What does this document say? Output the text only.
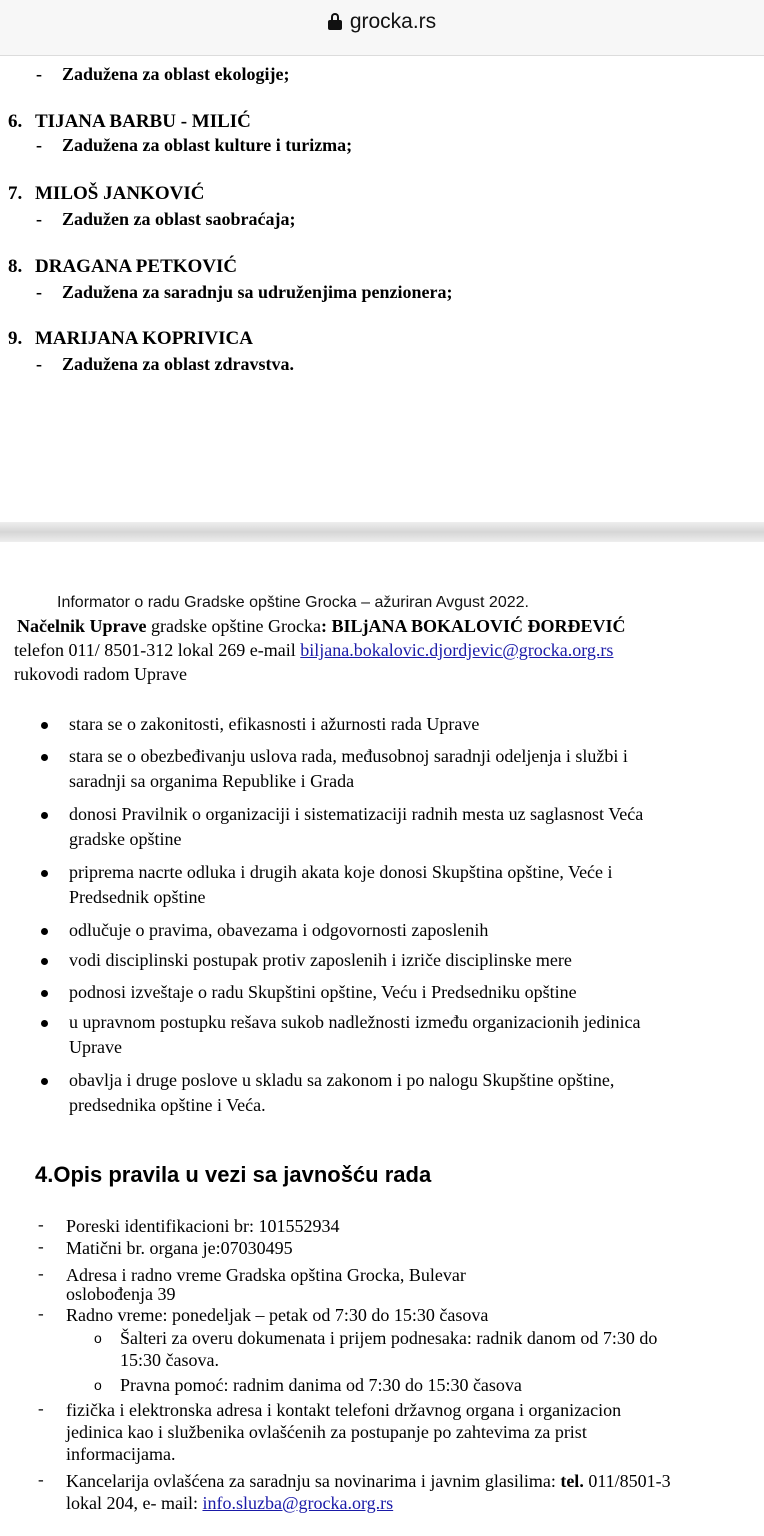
grocka.rs
- Zadužena za oblast ekologije;
6. TIJANA BARBU - MILIĆ
- Zadužena za oblast kulture i turizma;
7. MILOŠ JANKOVIĆ
- Zadužen za oblast saobraćaja;
8. DRAGANA PETKOVIĆ
- Zadužena za saradnju sa udruženjima penzionera;
9. MARIJANA KOPRIVICA
- Zadužena za oblast zdravstva.
Informator o radu Gradske opštine Grocka – ažuriran Avgust 2022.
Načelnik Uprave gradske opštine Grocka: BILjANA BOKALOVIĆ ĐORĐEVIĆ
telefon 011/ 8501-312 lokal 269 e-mail biljana.bokalovic.djordjevic@grocka.org.rs
rukovodi radom Uprave
stara se o zakonitosti, efikasnosti i ažurnosti rada Uprave
stara se o obezbeđivanju uslova rada, međusobnoj saradnji odeljenja i službi i
saradnji sa organima Republike i Grada
donosi Pravilnik o organizaciji i sistematizaciji radnih mesta uz saglasnost Veća
gradske opštine
priprema nacrte odluka i drugih akata koje donosi Skupština opštine, Veće i
Predsednik opštine
odlučuje o pravima, obavezama i odgovornosti zaposlenih
vodi disciplinski postupak protiv zaposlenih i izriče disciplinske mere
podnosi izveštaje o radu Skupštini opštine, Veću i Predsedniku opštine
u upravnom postupku rešava sukob nadležnosti između organizacionih jedinica
Uprave
obavlja i druge poslove u skladu sa zakonom i po nalogu Skupštine opštine,
predsednika opštine i Veća.
4.Opis pravila u vezi sa javnošću rada
- Poreski identifikacioni br: 101552934
- Matični br. organa je:07030495
- Adresa i radno vreme Gradska opština Grocka, Bulevar
oslobođenja 39
- Radno vreme: ponedeljak – petak od 7:30 do 15:30 časova
o Šalteri za overu dokumenata i prijem podnesaka: radnik danom od 7:30 do
15:30 časova.
o Pravna pomoć: radnim danima od 7:30 do 15:30 časova
- fizička i elektronska adresa i kontakt telefoni državnog organa i organizacion
jedinica kao i službenika ovlašćenih za postupanje po zahtevima za prist
informacijama.
- Kancelarija ovlašćena za saradnju sa novinarima i javnim glasilima: tel. 011/8501-3
lokal 204, e- mail: info.sluzba@grocka.org.rs
